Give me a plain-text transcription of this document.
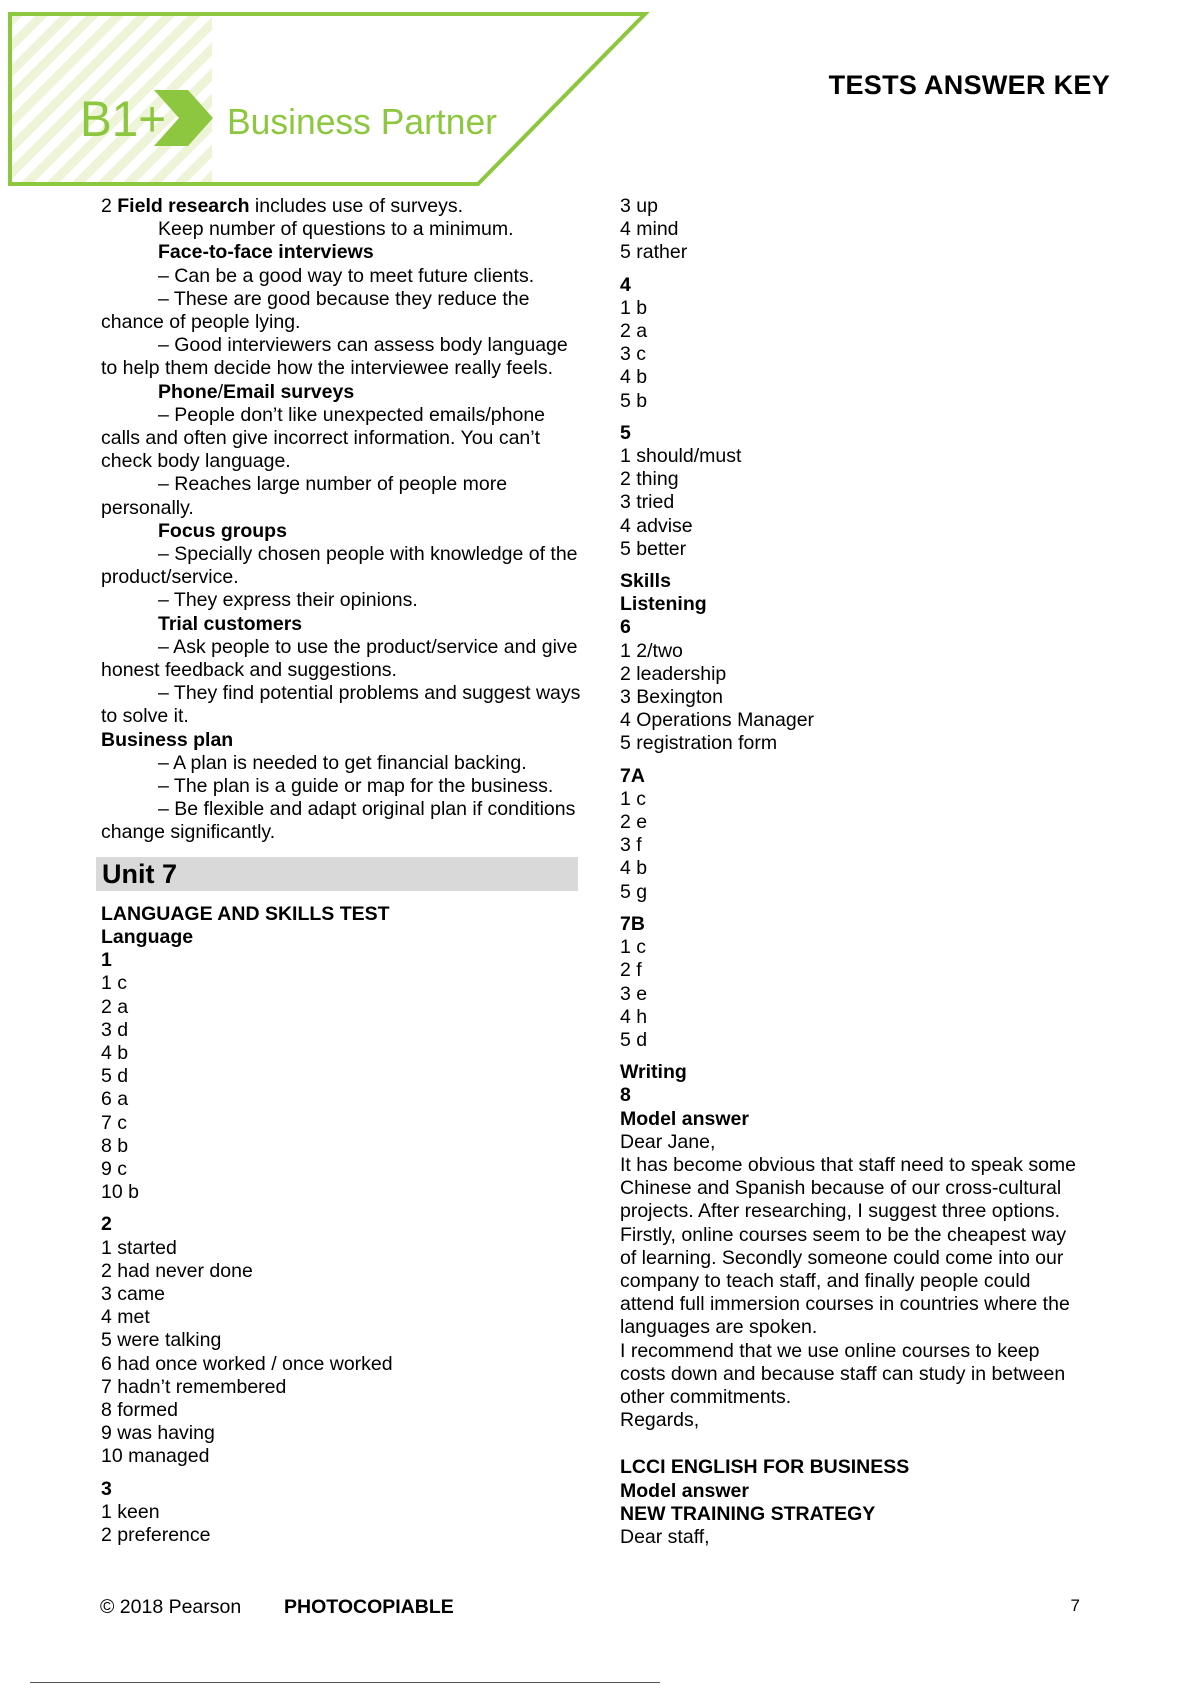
B1+ Business Partner
TESTS ANSWER KEY
2 Field research includes use of surveys.
Keep number of questions to a minimum.
Face-to-face interviews
– Can be a good way to meet future clients.
– These are good because they reduce the chance of people lying.
– Good interviewers can assess body language to help them decide how the interviewee really feels.
Phone/Email surveys
– People don’t like unexpected emails/phone calls and often give incorrect information. You can’t check body language.
– Reaches large number of people more personally.
Focus groups
– Specially chosen people with knowledge of the product/service.
– They express their opinions.
Trial customers
– Ask people to use the product/service and give honest feedback and suggestions.
– They find potential problems and suggest ways to solve it.
Business plan
– A plan is needed to get financial backing.
– The plan is a guide or map for the business.
– Be flexible and adapt original plan if conditions change significantly.
Unit 7
LANGUAGE AND SKILLS TEST
Language
1
1 c
2 a
3 d
4 b
5 d
6 a
7 c
8 b
9 c
10 b
2
1 started
2 had never done
3 came
4 met
5 were talking
6 had once worked / once worked
7 hadn’t remembered
8 formed
9 was having
10 managed
3
1 keen
2 preference
3 up
4 mind
5 rather
4
1 b
2 a
3 c
4 b
5 b
5
1 should/must
2 thing
3 tried
4 advise
5 better
Skills
Listening
6
1 2/two
2 leadership
3 Bexington
4 Operations Manager
5 registration form
7A
1 c
2 e
3 f
4 b
5 g
7B
1 c
2 f
3 e
4 h
5 d
Writing
8
Model answer
Dear Jane,
It has become obvious that staff need to speak some
Chinese and Spanish because of our cross-cultural
projects. After researching, I suggest three options.
Firstly, online courses seem to be the cheapest way
of learning. Secondly someone could come into our
company to teach staff, and finally people could
attend full immersion courses in countries where the
languages are spoken.
I recommend that we use online courses to keep
costs down and because staff can study in between
other commitments.
Regards,
LCCI ENGLISH FOR BUSINESS
Model answer
NEW TRAINING STRATEGY
Dear staff,
© 2018 Pearson PHOTOCOPIABLE	7
